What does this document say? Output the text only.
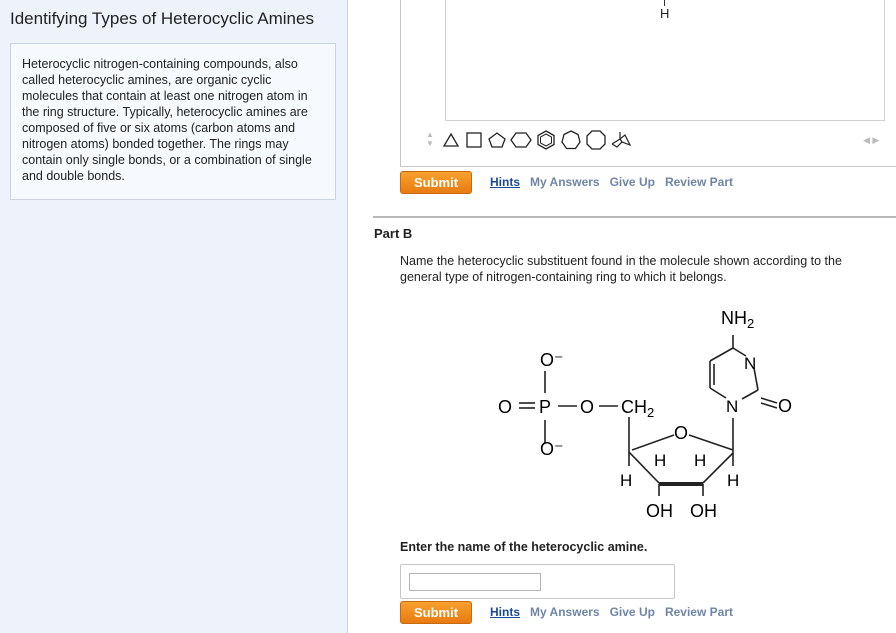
Identifying Types of Heterocyclic Amines
Heterocyclic nitrogen-containing compounds, also called heterocyclic amines, are organic cyclic molecules that contain at least one nitrogen atom in the ring structure. Typically, heterocyclic amines are composed of five or six atoms (carbon atoms and nitrogen atoms) bonded together. The rings may contain only single bonds, or a combination of single and double bonds.
H
▲
▼	◀ ▶
Submit	Hints My Answers Give Up Review Part
Part B
Name the heterocyclic substituent found in the molecule shown according to the general type of nitrogen-containing ring to which it belongs.
O⁻
O P O $CH_2$
O⁻
O
H
H H
H
OH OH
$NH_2$
N
N O
Enter the name of the heterocyclic amine.
Submit	Hints My Answers Give Up Review Part
